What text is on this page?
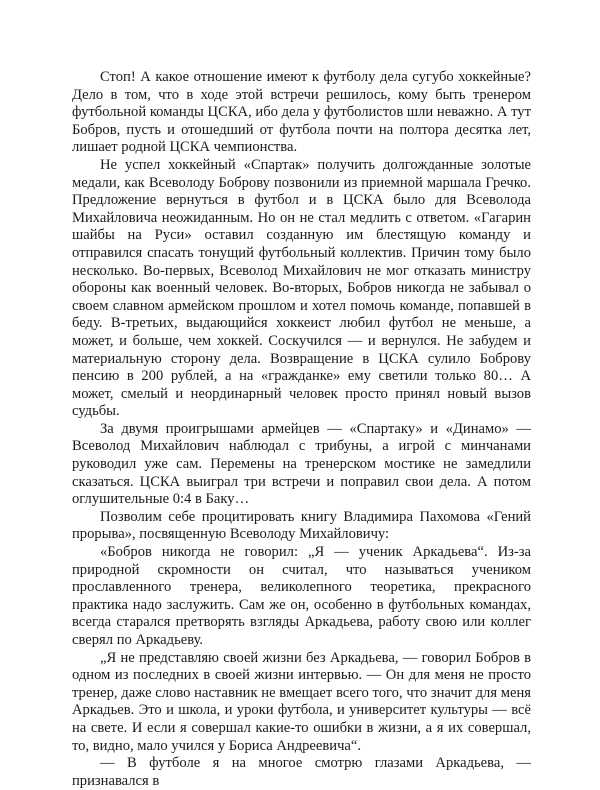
Стоп! А какое отношение имеют к футболу дела сугубо хоккейные? Дело в том, что в ходе этой встречи решилось, кому быть тренером футбольной команды ЦСКА, ибо дела у футболистов шли неважно. А тут Бобров, пусть и отошедший от футбола почти на полтора десятка лет, лишает родной ЦСКА чемпионства.

Не успел хоккейный «Спартак» получить долгожданные золотые медали, как Всеволоду Боброву позвонили из приемной маршала Гречко. Предложение вернуться в футбол и в ЦСКА было для Всеволода Михайловича неожиданным. Но он не стал медлить с ответом. «Гагарин шайбы на Руси» оставил созданную им блестящую команду и отправился спасать тонущий футбольный коллектив. Причин тому было несколько. Во-первых, Всеволод Михайлович не мог отказать министру обороны как военный человек. Во-вторых, Бобров никогда не забывал о своем славном армейском прошлом и хотел помочь команде, попавшей в беду. В-третьих, выдающийся хоккеист любил футбол не меньше, а может, и больше, чем хоккей. Соскучился — и вернулся. Не забудем и материальную сторону дела. Возвращение в ЦСКА сулило Боброву пенсию в 200 рублей, а на «гражданке» ему светили только 80… А может, смелый и неординарный человек просто принял новый вызов судьбы.

За двумя проигрышами армейцев — «Спартаку» и «Динамо» — Всеволод Михайлович наблюдал с трибуны, а игрой с минчанами руководил уже сам. Перемены на тренерском мостике не замедлили сказаться. ЦСКА выиграл три встречи и поправил свои дела. А потом оглушительные 0:4 в Баку…

Позволим себе процитировать книгу Владимира Пахомова «Гений прорыва», посвященную Всеволоду Михайловичу:

«Бобров никогда не говорил: „Я — ученик Аркадьева“. Из-за природной скромности он считал, что называться учеником прославленного тренера, великолепного теоретика, прекрасного практика надо заслужить. Сам же он, особенно в футбольных командах, всегда старался претворять взгляды Аркадьева, работу свою или коллег сверял по Аркадьеву.

„Я не представляю своей жизни без Аркадьева, — говорил Бобров в одном из последних в своей жизни интервью. — Он для меня не просто тренер, даже слово наставник не вмещает всего того, что значит для меня Аркадьев. Это и школа, и уроки футбола, и университет культуры — всё на свете. И если я совершал какие-то ошибки в жизни, а я их совершал, то, видно, мало учился у Бориса Андреевича“.

— В футболе я на многое смотрю глазами Аркадьева, — признавался в
